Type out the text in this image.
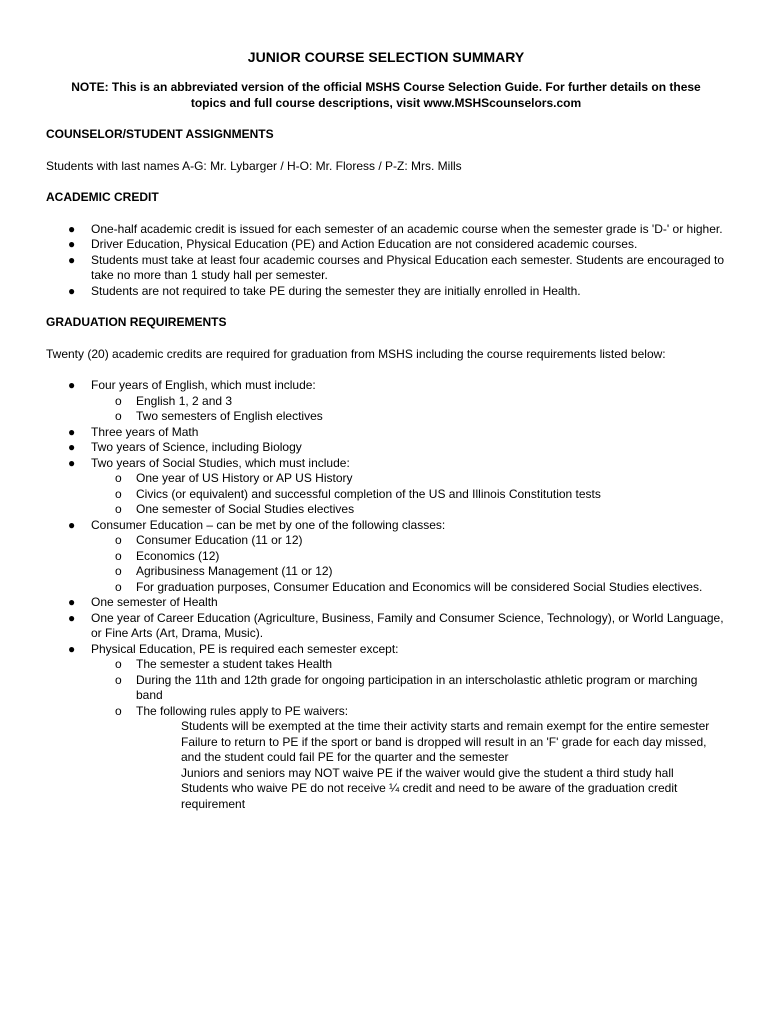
JUNIOR COURSE SELECTION SUMMARY
NOTE: This is an abbreviated version of the official MSHS Course Selection Guide. For further details on these topics and full course descriptions, visit www.MSHScounselors.com
COUNSELOR/STUDENT ASSIGNMENTS
Students with last names A-G: Mr. Lybarger / H-O: Mr. Floress / P-Z: Mrs. Mills
ACADEMIC CREDIT
● One-half academic credit is issued for each semester of an academic course when the semester grade is 'D-' or higher.
● Driver Education, Physical Education (PE) and Action Education are not considered academic courses.
● Students must take at least four academic courses and Physical Education each semester. Students are encouraged to take no more than 1 study hall per semester.
● Students are not required to take PE during the semester they are initially enrolled in Health.
GRADUATION REQUIREMENTS
Twenty (20) academic credits are required for graduation from MSHS including the course requirements listed below:
● Four years of English, which must include:
o English 1, 2 and 3
o Two semesters of English electives
● Three years of Math
● Two years of Science, including Biology
● Two years of Social Studies, which must include:
o One year of US History or AP US History
o Civics (or equivalent) and successful completion of the US and Illinois Constitution tests
o One semester of Social Studies electives
● Consumer Education – can be met by one of the following classes:
o Consumer Education (11 or 12)
o Economics (12)
o Agribusiness Management (11 or 12)
o For graduation purposes, Consumer Education and Economics will be considered Social Studies electives.
● One semester of Health
● One year of Career Education (Agriculture, Business, Family and Consumer Science, Technology), or World Language, or Fine Arts (Art, Drama, Music).
● Physical Education, PE is required each semester except:
o The semester a student takes Health
o During the 11th and 12th grade for ongoing participation in an interscholastic athletic program or marching band
o The following rules apply to PE waivers:
Students will be exempted at the time their activity starts and remain exempt for the entire semester
Failure to return to PE if the sport or band is dropped will result in an 'F' grade for each day missed, and the student could fail PE for the quarter and the semester
Juniors and seniors may NOT waive PE if the waiver would give the student a third study hall
Students who waive PE do not receive ¼ credit and need to be aware of the graduation credit requirement
